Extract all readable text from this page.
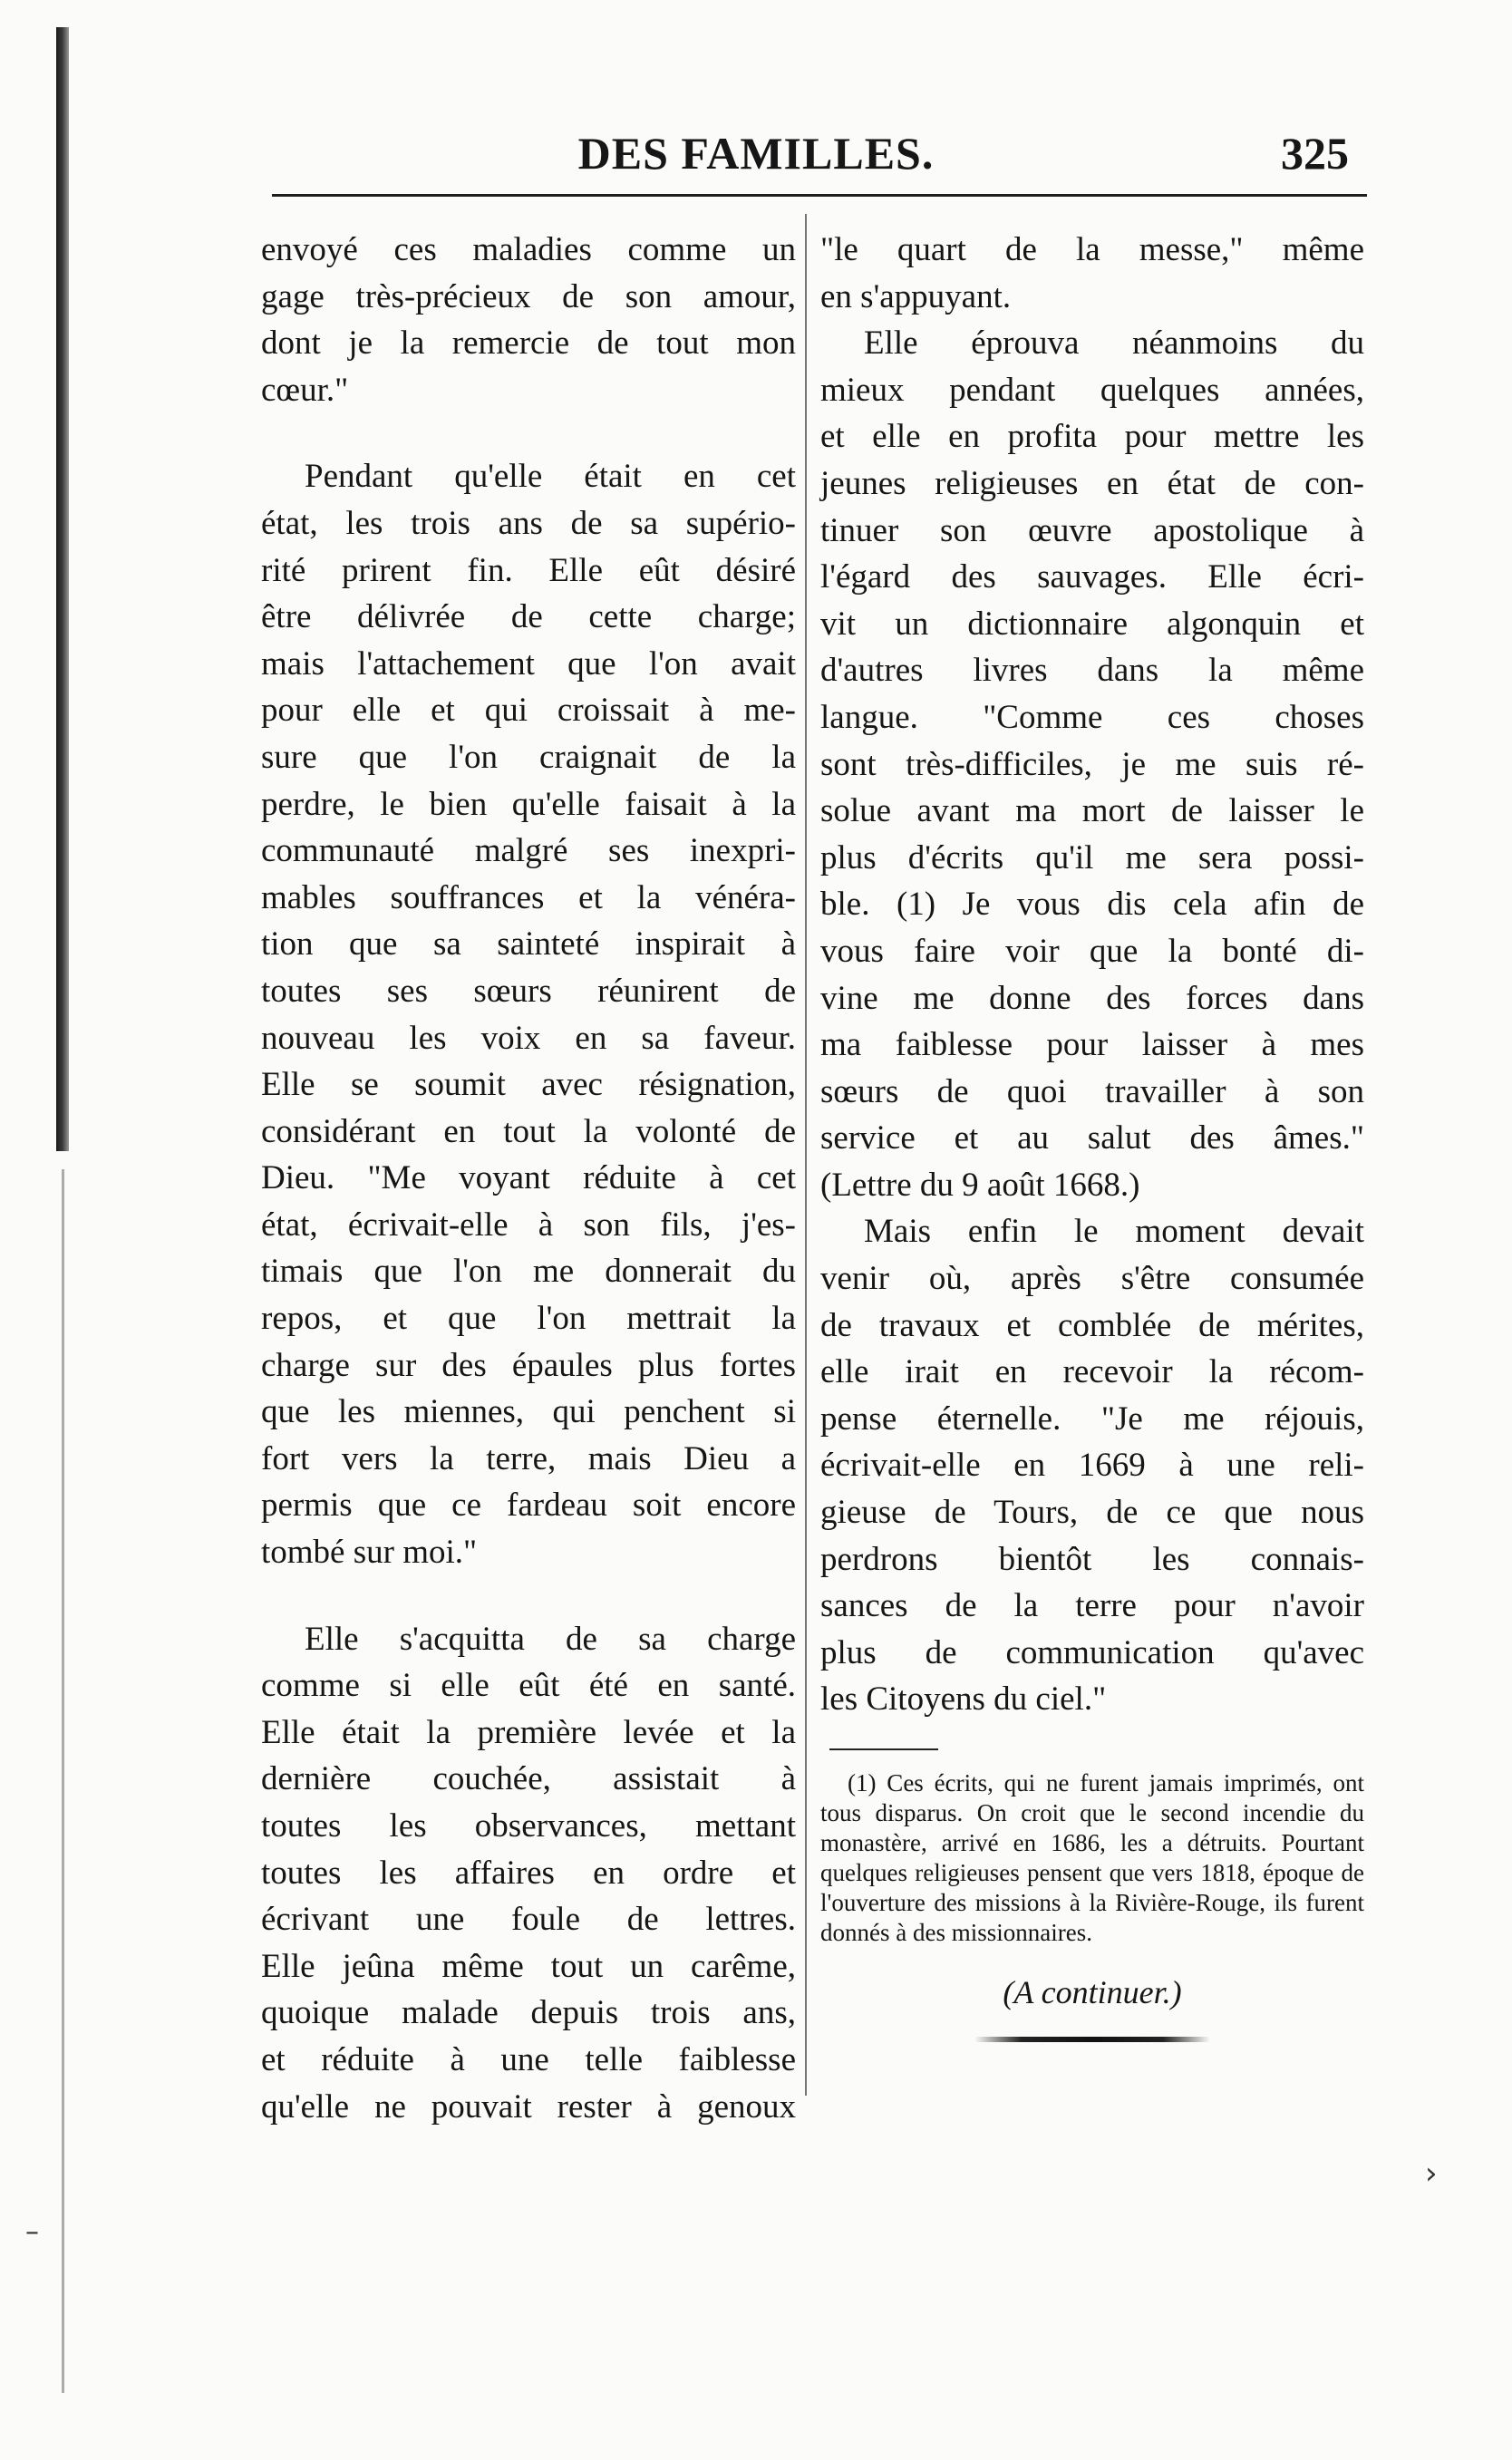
DES FAMILLES.	325

envoyé ces maladies comme un

gage très-précieux de son amour,

dont je la remercie de tout mon

cœur."

Pendant qu'elle était en cet

état, les trois ans de sa supério-

rité prirent fin. Elle eût désiré

être délivrée de cette charge;

mais l'attachement que l'on avait

pour elle et qui croissait à me-

sure que l'on craignait de la

perdre, le bien qu'elle faisait à la

communauté malgré ses inexpri-

mables souffrances et la vénéra-

tion que sa sainteté inspirait à

toutes ses sœurs réunirent de

nouveau les voix en sa faveur.

Elle se soumit avec résignation,

considérant en tout la volonté de

Dieu. "Me voyant réduite à cet

état, écrivait-elle à son fils, j'es-

timais que l'on me donnerait du

repos, et que l'on mettrait la

charge sur des épaules plus fortes

que les miennes, qui penchent si

fort vers la terre, mais Dieu a

permis que ce fardeau soit encore

tombé sur moi."

Elle s'acquitta de sa charge

comme si elle eût été en santé.

Elle était la première levée et la

dernière couchée, assistait à

toutes les observances, mettant

toutes les affaires en ordre et

écrivant une foule de lettres.

Elle jeûna même tout un carême,

quoique malade depuis trois ans,

et réduite à une telle faiblesse

qu'elle ne pouvait rester à genoux

"le quart de la messe," même

en s'appuyant.

Elle éprouva néanmoins du

mieux pendant quelques années,

et elle en profita pour mettre les

jeunes religieuses en état de con-

tinuer son œuvre apostolique à

l'égard des sauvages. Elle écri-

vit un dictionnaire algonquin et

d'autres livres dans la même

langue. "Comme ces choses

sont très-difficiles, je me suis ré-

solue avant ma mort de laisser le

plus d'écrits qu'il me sera possi-

ble. (1) Je vous dis cela afin de

vous faire voir que la bonté di-

vine me donne des forces dans

ma faiblesse pour laisser à mes

sœurs de quoi travailler à son

service et au salut des âmes."

(Lettre du 9 août 1668.)

Mais enfin le moment devait

venir où, après s'être consumée

de travaux et comblée de mérites,

elle irait en recevoir la récom-

pense éternelle. "Je me réjouis,

écrivait-elle en 1669 à une reli-

gieuse de Tours, de ce que nous

perdrons bientôt les connais-

sances de la terre pour n'avoir

plus de communication qu'avec

les Citoyens du ciel."

(1) Ces écrits, qui ne furent jamais imprimés, ont tous disparus. On croit que le second incendie du monastère, arrivé en 1686, les a détruits. Pourtant quelques religieuses pensent que vers 1818, époque de l'ouverture des missions à la Rivière-Rouge, ils furent donnés à des missionnaires.

(A continuer.)
›
–
